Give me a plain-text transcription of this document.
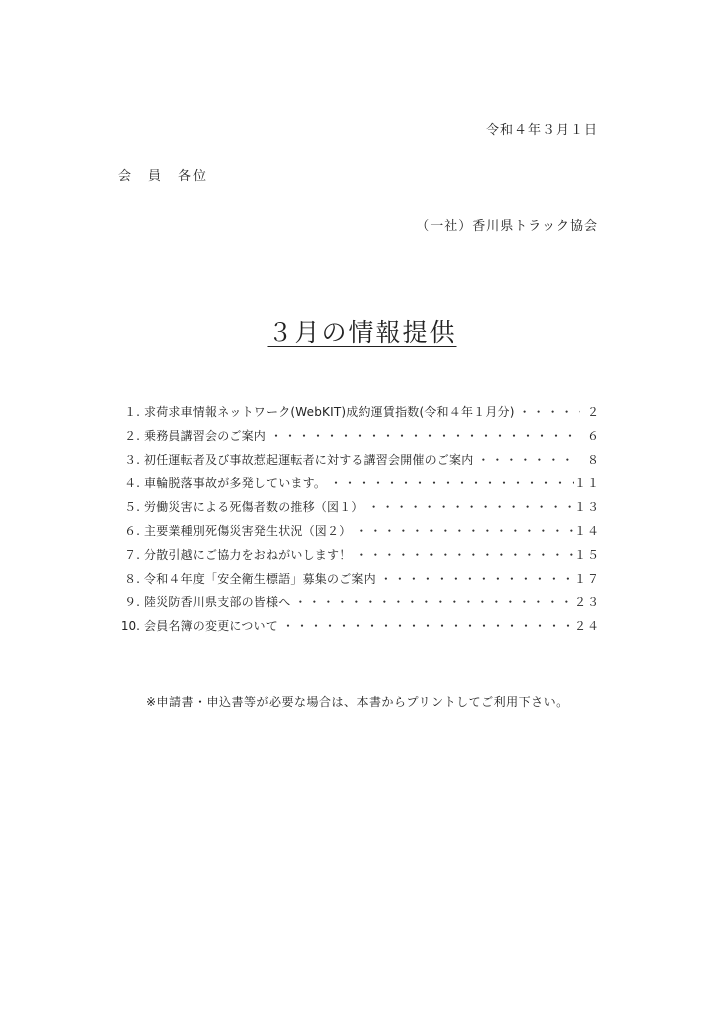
令和４年３月１日
会　員　各位
（一社）香川県トラック協会
３月の情報提供
１. 求荷求車情報ネットワーク(WebKIT)成約運賃指数(令和４年１月分) ・・・・・・・・・・・・・・・・・・・・・・・・・・・・・・・・・・・・・・・・	２
２. 乗務員講習会のご案内 ・・・・・・・・・・・・・・・・・・・・・・・・・・・・・・・・・・・・・・・・	６
３. 初任運転者及び事故惹起運転者に対する講習会開催のご案内 ・・・・・・・・・・・・・・・・・・・・・・・・・・・・・・・・・・・・・・・・	８
４. 車輪脱落事故が多発しています。 ・・・・・・・・・・・・・・・・・・・・・・・・・・・・・・・・・・・・・・・・	１１
５. 労働災害による死傷者数の推移（図１） ・・・・・・・・・・・・・・・・・・・・・・・・・・・・・・・・・・・・・・・・	１３
６. 主要業種別死傷災害発生状況（図２） ・・・・・・・・・・・・・・・・・・・・・・・・・・・・・・・・・・・・・・・・	１４
７. 分散引越にご協力をおねがいします！ ・・・・・・・・・・・・・・・・・・・・・・・・・・・・・・・・・・・・・・・・	１５
８. 令和４年度「安全衛生標語」募集のご案内 ・・・・・・・・・・・・・・・・・・・・・・・・・・・・・・・・・・・・・・・・	１７
９. 陸災防香川県支部の皆様へ ・・・・・・・・・・・・・・・・・・・・・・・・・・・・・・・・・・・・・・・・	２３
10. 会員名簿の変更について ・・・・・・・・・・・・・・・・・・・・・・・・・・・・・・・・・・・・・・・・	２４
※申請書・申込書等が必要な場合は、本書からプリントしてご利用下さい。
